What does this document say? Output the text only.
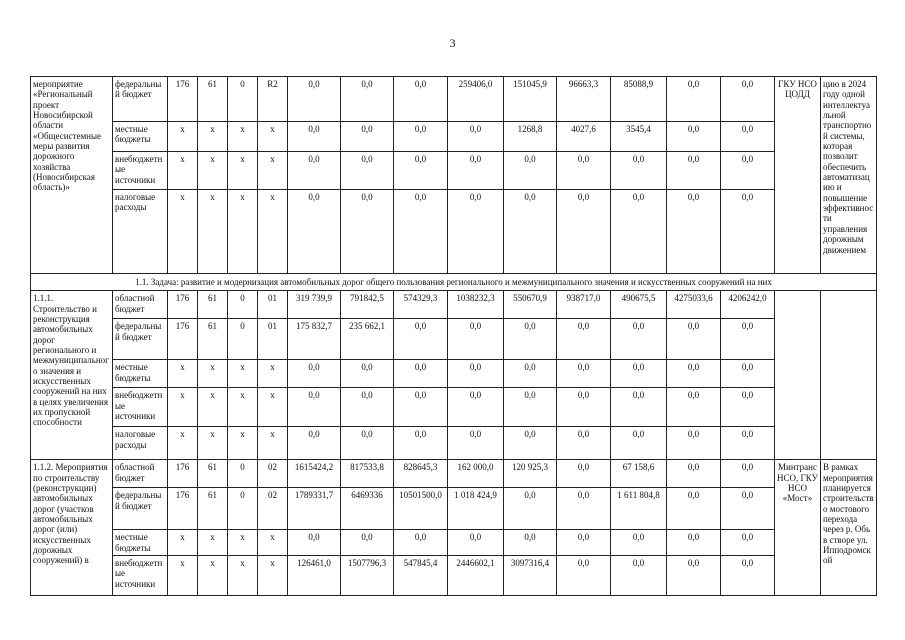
3
мероприятие «Региональный проект Новосибирской области «Общесистемные меры развития дорожного хозяйства (Новосибирская область)»	федеральный бюджет	176	61	0	R2	0,0	0,0	0,0	259406,0	151045,9	96663,3	85088,9	0,0	0,0	ГКУ НСО ЦОДД	цию в 2024 году одной интеллектуальной транспортной системы, которая позволит обеспечить автоматизацию и повышение эффективности управления дорожным движением
	местные бюджеты	x	x	x	x	0,0	0,0	0,0	0,0	1268,8	4027,6	3545,4	0,0	0,0		
	внебюджетные источники	x	x	x	x	0,0	0,0	0,0	0,0	0,0	0,0	0,0	0,0	0,0		
	налоговые расходы	x	x	x	x	0,0	0,0	0,0	0,0	0,0	0,0	0,0	0,0	0,0		
1.1. Задача: развитие и модернизация автомобильных дорог общего пользования регионального и межмуниципального значения и искусственных сооружений на них																
1.1.1. Строительство и реконструкция автомобильных дорог регионального и межмуниципального значения и искусственных сооружений на них в целях увеличения их пропускной способности	областной бюджет	176	61	0	01	319 739,9	791842,5	574329,3	1038232,3	550670,9	938717,0	490675,5	4275033,6	4206242,0		
	федеральный бюджет	176	61	0	01	175 832,7	235 662,1	0,0	0,0	0,0	0,0	0,0	0,0	0,0		
	местные бюджеты	x	x	x	x	0,0	0,0	0,0	0,0	0,0	0,0	0,0	0,0	0,0		
	внебюджетные источники	x	x	x	x	0,0	0,0	0,0	0,0	0,0	0,0	0,0	0,0	0,0		
	налоговые расходы	x	x	x	x	0,0	0,0	0,0	0,0	0,0	0,0	0,0	0,0	0,0		
1.1.2. Мероприятия по строительству (реконструкции) автомобильных дорог (участков автомобильных дорог (или) искусственных дорожных сооружений) в	областной бюджет	176	61	0	02	1615424,2	817533,8	828645,3	162 000,0	120 925,3	0,0	67 158,6	0,0	0,0	Минтранс НСО, ГКУ НСО «Мост»	В рамках мероприятия планируется строительство мостового перехода через р. Обь в створе ул. Ипподромской
	федеральный бюджет	176	61	0	02	1789331,7	6469336	10501500,0	1 018 424,9	0,0	0,0	1 611 804,8	0,0	0,0		
	местные бюджеты	x	x	x	x	0,0	0,0	0,0	0,0	0,0	0,0	0,0	0,0	0,0		
	внебюджетные источники	x	x	x	x	126461,0	1507796,3	547845,4	2446602,1	3097316,4	0,0	0,0	0,0	0,0		
